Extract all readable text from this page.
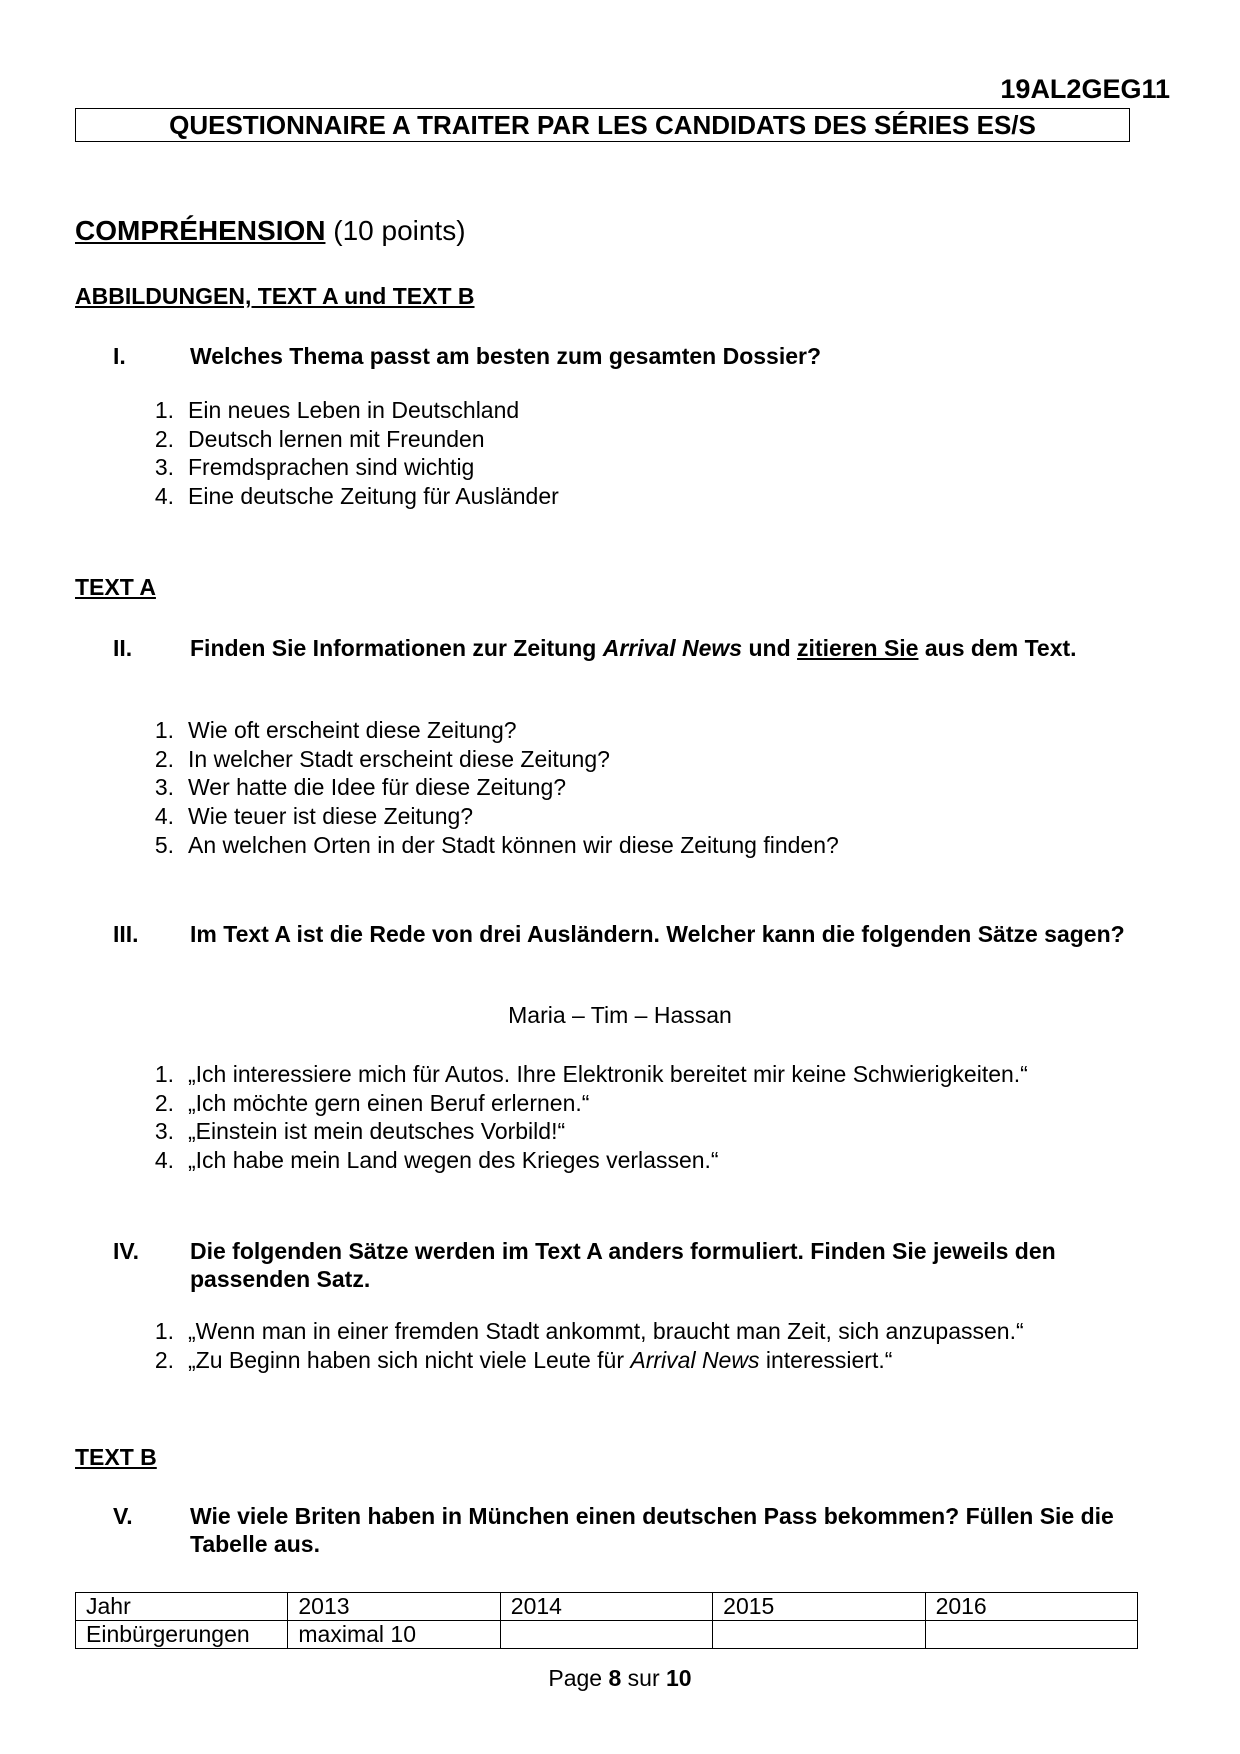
19AL2GEG11
QUESTIONNAIRE A TRAITER PAR LES CANDIDATS DES SÉRIES ES/S
COMPRÉHENSION (10 points)
ABBILDUNGEN, TEXT A und TEXT B
I.	Welches Thema passt am besten zum gesamten Dossier?
1. Ein neues Leben in Deutschland
2. Deutsch lernen mit Freunden
3. Fremdsprachen sind wichtig
4. Eine deutsche Zeitung für Ausländer
TEXT A
II.	Finden Sie Informationen zur Zeitung Arrival News und zitieren Sie aus dem Text.
1. Wie oft erscheint diese Zeitung?
2. In welcher Stadt erscheint diese Zeitung?
3. Wer hatte die Idee für diese Zeitung?
4. Wie teuer ist diese Zeitung?
5. An welchen Orten in der Stadt können wir diese Zeitung finden?
III. Im Text A ist die Rede von drei Ausländern. Welcher kann die folgenden Sätze sagen?
Maria – Tim – Hassan
1. „Ich interessiere mich für Autos. Ihre Elektronik bereitet mir keine Schwierigkeiten.“
2. „Ich möchte gern einen Beruf erlernen.“
3. „Einstein ist mein deutsches Vorbild!“
4. „Ich habe mein Land wegen des Krieges verlassen.“
IV. Die folgenden Sätze werden im Text A anders formuliert. Finden Sie jeweils den passenden Satz.
1. „Wenn man in einer fremden Stadt ankommt, braucht man Zeit, sich anzupassen.“
2. „Zu Beginn haben sich nicht viele Leute für Arrival News interessiert.“
TEXT B
V. Wie viele Briten haben in München einen deutschen Pass bekommen? Füllen Sie die Tabelle aus.
Jahr	2013	2014	2015	2016
Einbürgerungen	maximal 10			
Page 8 sur 10
